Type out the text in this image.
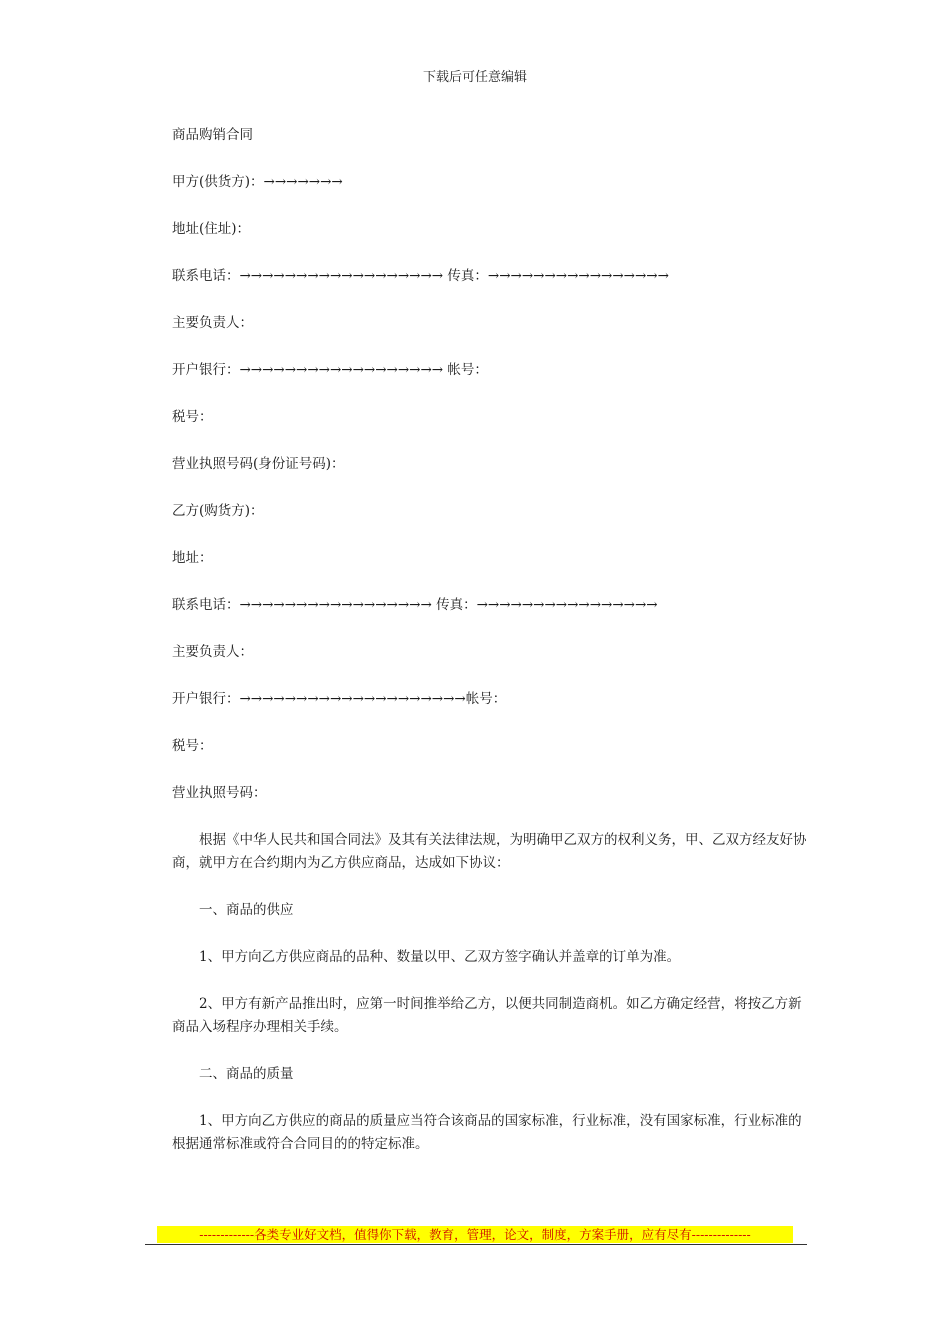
下载后可任意编辑

商品购销合同

甲方(供货方)：→→→→→→→

地址(住址)：

联系电话：→→→→→→→→→→→→→→→→→→ 传真：→→→→→→→→→→→→→→→→

主要负责人：

开户银行：→→→→→→→→→→→→→→→→→→ 帐号：

税号：

营业执照号码(身份证号码)：

乙方(购货方)：

地址：

联系电话：→→→→→→→→→→→→→→→→→ 传真：→→→→→→→→→→→→→→→→

主要负责人：

开户银行：→→→→→→→→→→→→→→→→→→→→帐号：

税号：

营业执照号码：

根据《中华人民共和国合同法》及其有关法律法规，为明确甲乙双方的权利义务，甲、乙双方经友好协商，就甲方在合约期内为乙方供应商品，达成如下协议：

一、商品的供应

1、甲方向乙方供应商品的品种、数量以甲、乙双方签字确认并盖章的订单为准。

2、甲方有新产品推出时，应第一时间推举给乙方，以便共同制造商机。如乙方确定经营，将按乙方新商品入场程序办理相关手续。

二、商品的质量

1、甲方向乙方供应的商品的质量应当符合该商品的国家标准，行业标准，没有国家标准，行业标准的根据通常标准或符合合同目的的特定标准。

-------------各类专业好文档，值得你下载，教育，管理，论文，制度，方案手册，应有尽有--------------
